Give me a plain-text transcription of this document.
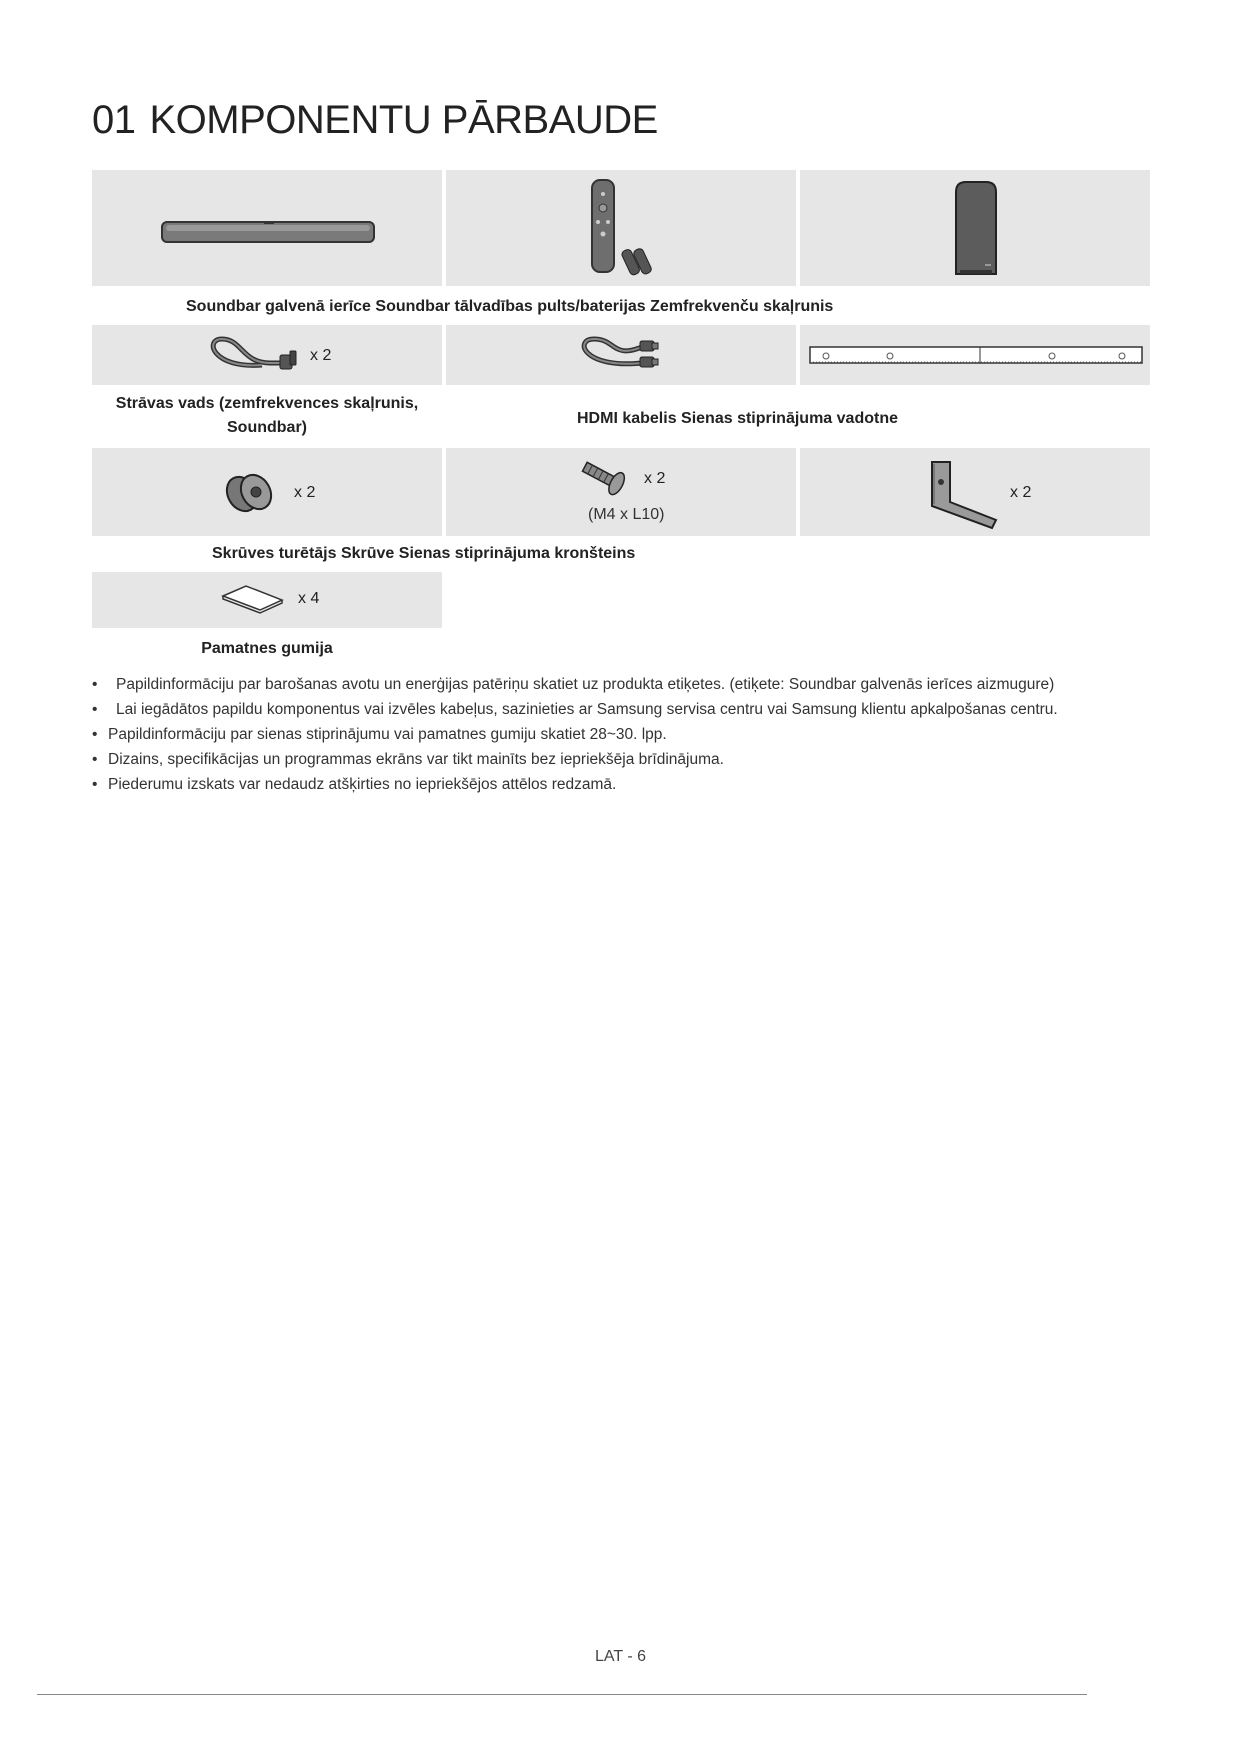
01 KOMPONENTU PĀRBAUDE
Soundbar galvenā ierīce Soundbar tālvadības pults/baterijas Zemfrekvenču skaļrunis
x 2
Strāvas vads (zemfrekvences skaļrunis,
Soundbar)
HDMI kabelis Sienas stiprinājuma vadotne
x 2
x 2
(M4 x L10)
x 2
Skrūves turētājs Skrūve Sienas stiprinājuma kronšteins
x 4
Pamatnes gumija
• Papildinformāciju par barošanas avotu un enerģijas patēriņu skatiet uz produkta etiķetes. (etiķete: Soundbar galvenās ierīces aizmugure)
• Lai iegādātos papildu komponentus vai izvēles kabeļus, sazinieties ar Samsung servisa centru vai Samsung klientu apkalpošanas centru.
• Papildinformāciju par sienas stiprinājumu vai pamatnes gumiju skatiet 28~30. lpp.
• Dizains, specifikācijas un programmas ekrāns var tikt mainīts bez iepriekšēja brīdinājuma.
• Piederumu izskats var nedaudz atšķirties no iepriekšējos attēlos redzamā.
LAT - 6
